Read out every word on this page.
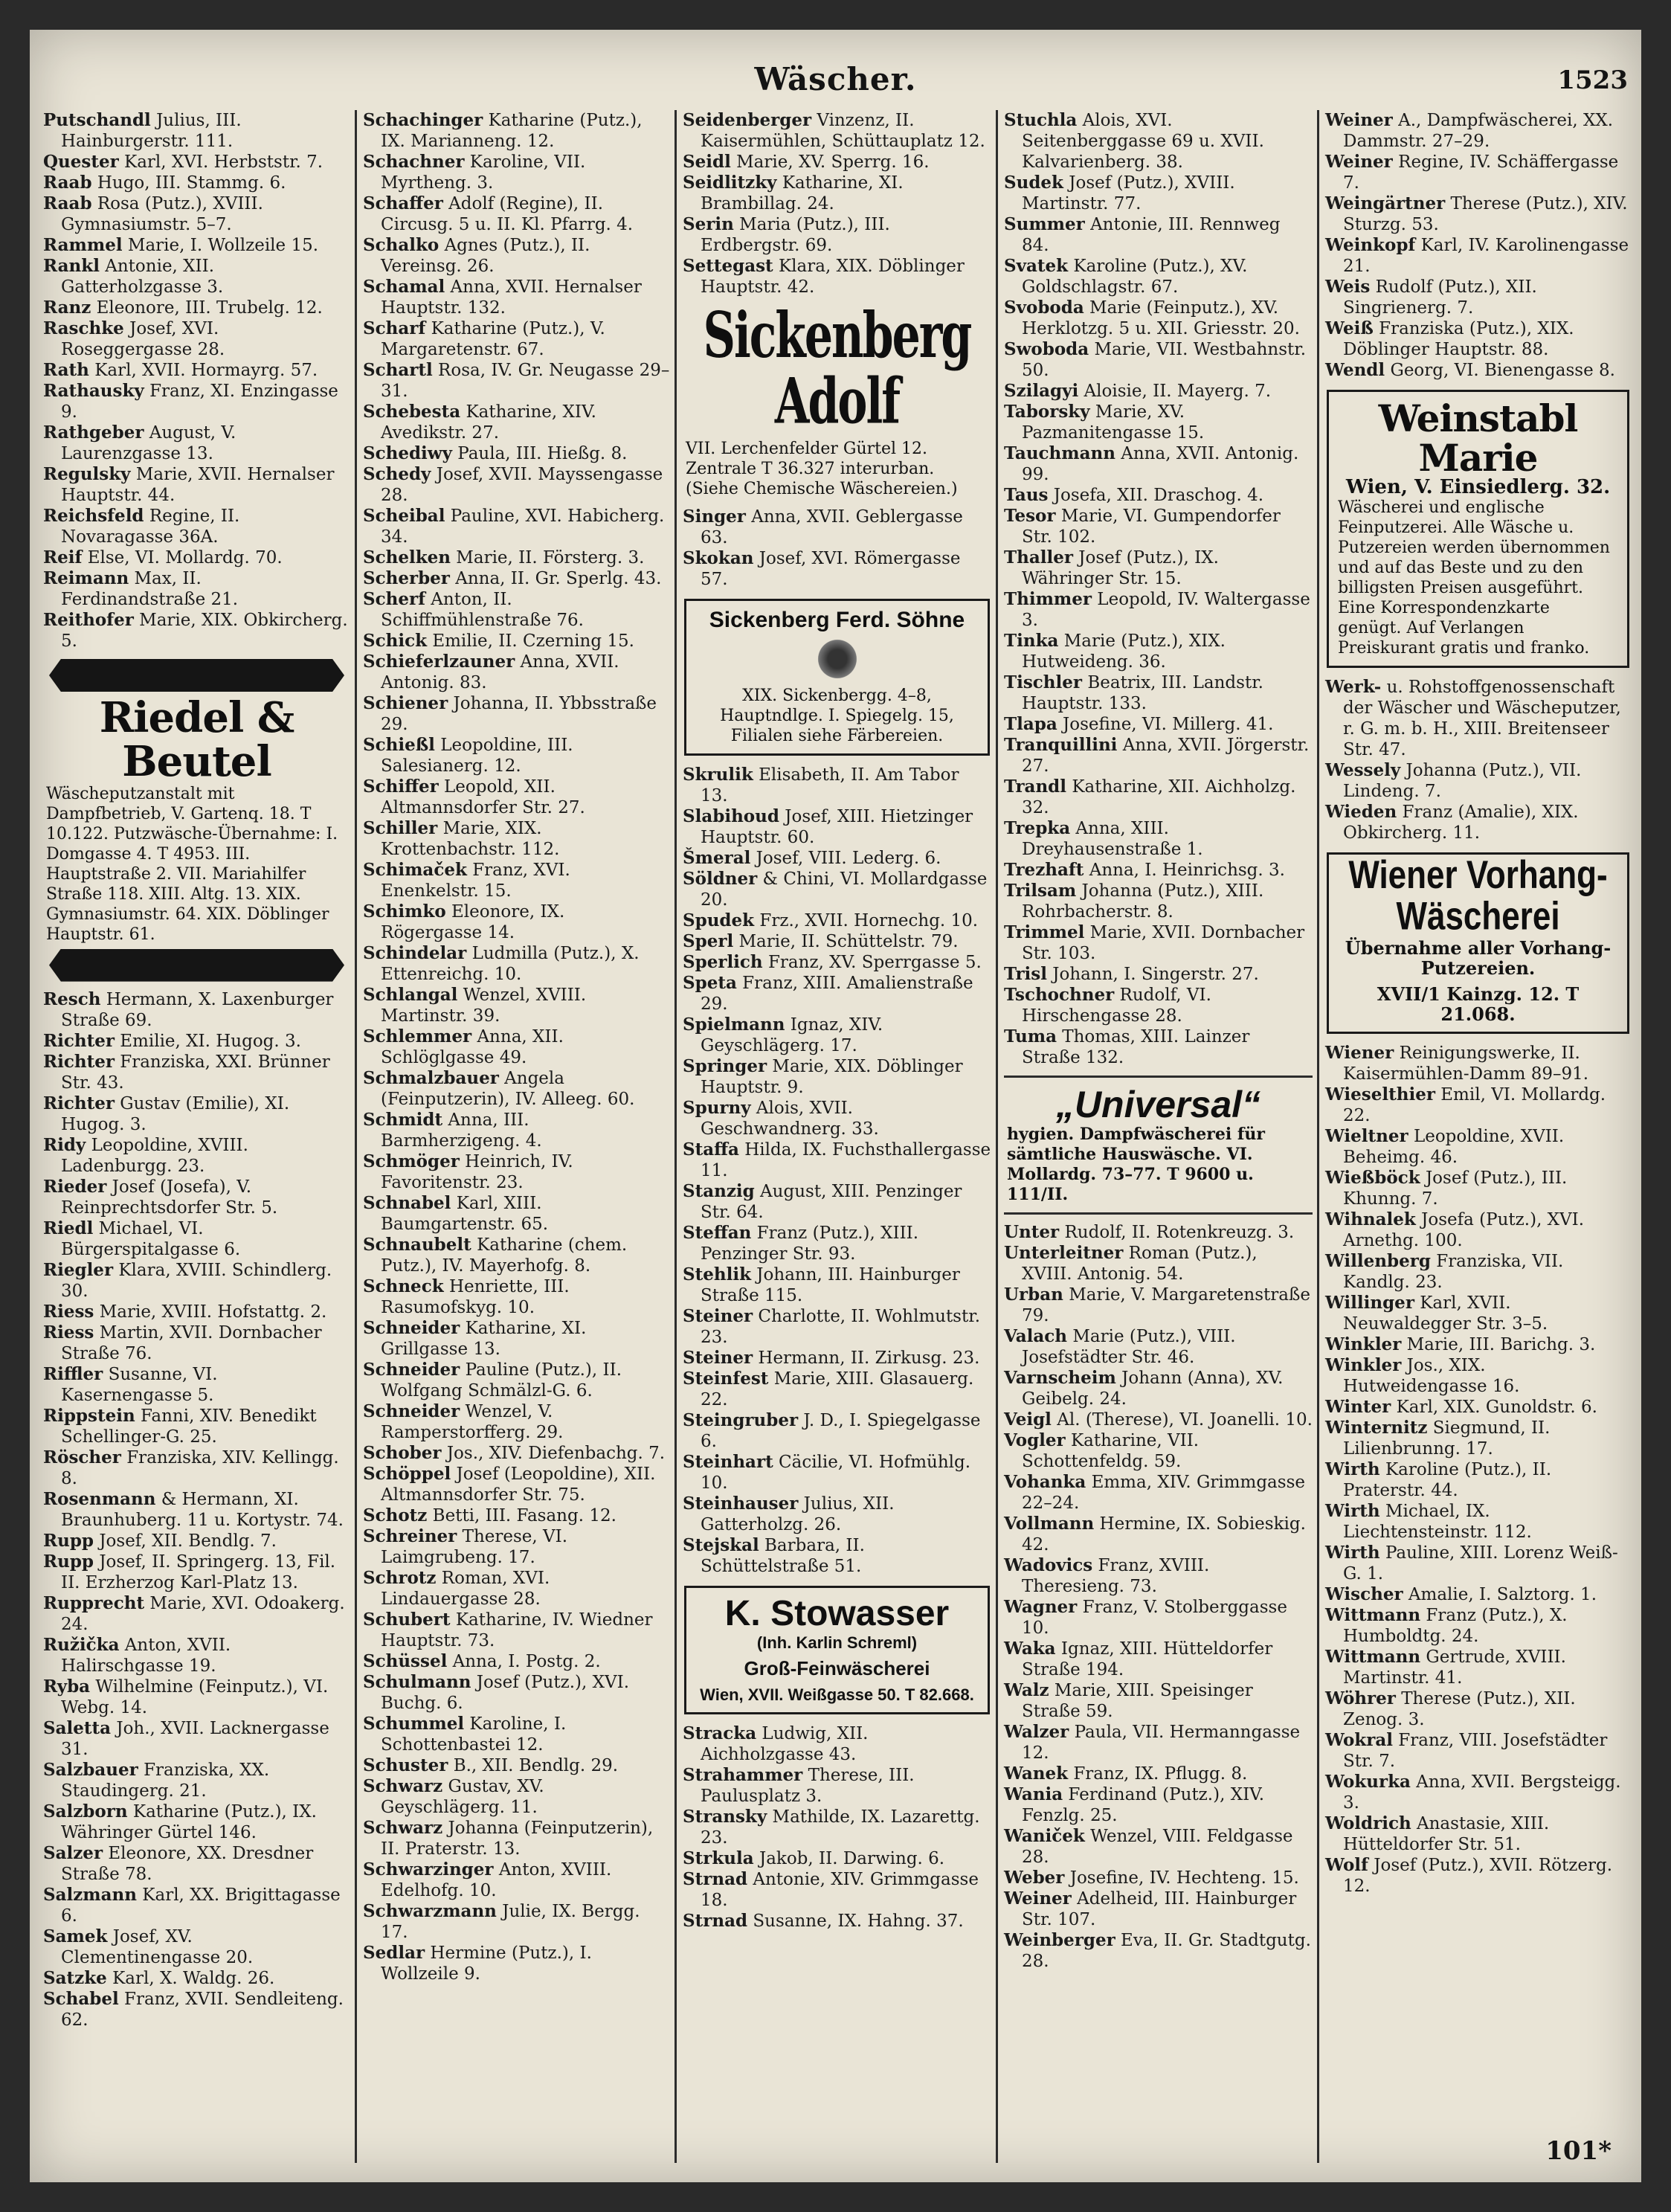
Wäscher.	1523

Putschandl Julius, III. Hainburgerstr. 111.

Quester Karl, XVI. Herbststr. 7.

Raab Hugo, III. Stammg. 6.

Raab Rosa (Putz.), XVIII. Gymnasiumstr. 5–7.

Rammel Marie, I. Wollzeile 15.

Rankl Antonie, XII. Gatterholzgasse 3.

Ranz Eleonore, III. Trubelg. 12.

Raschke Josef, XVI. Roseggergasse 28.

Rath Karl, XVII. Hormayrg. 57.

Rathausky Franz, XI. Enzingasse 9.

Rathgeber August, V. Laurenzgasse 13.

Regulsky Marie, XVII. Hernalser Hauptstr. 44.

Reichsfeld Regine, II. Novaragasse 36A.

Reif Else, VI. Mollardg. 70.

Reimann Max, II. Ferdinandstraße 21.

Reithofer Marie, XIX. Obkircherg. 5.

Riedel & Beutel
Wäscheputzanstalt mit Dampfbetrieb, V. Gartenq. 18. T 10.122. Putzwäsche-Übernahme: I. Domgasse 4. T 4953. III. Hauptstraße 2. VII. Mariahilfer Straße 118. XIII. Altg. 13. XIX. Gymnasiumstr. 64. XIX. Döblinger Hauptstr. 61.

Resch Hermann, X. Laxenburger Straße 69.

Richter Emilie, XI. Hugog. 3.

Richter Franziska, XXI. Brünner Str. 43.

Richter Gustav (Emilie), XI. Hugog. 3.

Ridy Leopoldine, XVIII. Ladenburgg. 23.

Rieder Josef (Josefa), V. Reinprechtsdorfer Str. 5.

Riedl Michael, VI. Bürgerspitalgasse 6.

Riegler Klara, XVIII. Schindlerg. 30.

Riess Marie, XVIII. Hofstattg. 2.

Riess Martin, XVII. Dornbacher Straße 76.

Riffler Susanne, VI. Kasernengasse 5.

Rippstein Fanni, XIV. Benedikt Schellinger-G. 25.

Röscher Franziska, XIV. Kellingg. 8.

Rosenmann & Hermann, XI. Braunhuberg. 11 u. Kortystr. 74.

Rupp Josef, XII. Bendlg. 7.

Rupp Josef, II. Springerg. 13, Fil. II. Erzherzog Karl-Platz 13.

Rupprecht Marie, XVI. Odoakerg. 24.

Ružička Anton, XVII. Halirschgasse 19.

Ryba Wilhelmine (Feinputz.), VI. Webg. 14.

Saletta Joh., XVII. Lacknergasse 31.

Salzbauer Franziska, XX. Staudingerg. 21.

Salzborn Katharine (Putz.), IX. Währinger Gürtel 146.

Salzer Eleonore, XX. Dresdner Straße 78.

Salzmann Karl, XX. Brigittagasse 6.

Samek Josef, XV. Clementinengasse 20.

Satzke Karl, X. Waldg. 26.

Schabel Franz, XVII. Sendleiteng. 62.

Schachinger Katharine (Putz.), IX. Marianneng. 12.

Schachner Karoline, VII. Myrtheng. 3.

Schaffer Adolf (Regine), II. Circusg. 5 u. II. Kl. Pfarrg. 4.

Schalko Agnes (Putz.), II. Vereinsg. 26.

Schamal Anna, XVII. Hernalser Hauptstr. 132.

Scharf Katharine (Putz.), V. Margaretenstr. 67.

Schartl Rosa, IV. Gr. Neugasse 29–31.

Schebesta Katharine, XIV. Avedikstr. 27.

Schediwy Paula, III. Hießg. 8.

Schedy Josef, XVII. Mayssengasse 28.

Scheibal Pauline, XVI. Habicherg. 34.

Schelken Marie, II. Försterg. 3.

Scherber Anna, II. Gr. Sperlg. 43.

Scherf Anton, II. Schiffmühlenstraße 76.

Schick Emilie, II. Czerning 15.

Schieferlzauner Anna, XVII. Antonig. 83.

Schiener Johanna, II. Ybbsstraße 29.

Schießl Leopoldine, III. Salesianerg. 12.

Schiffer Leopold, XII. Altmannsdorfer Str. 27.

Schiller Marie, XIX. Krottenbachstr. 112.

Schimaček Franz, XVI. Enenkelstr. 15.

Schimko Eleonore, IX. Rögergasse 14.

Schindelar Ludmilla (Putz.), X. Ettenreichg. 10.

Schlangal Wenzel, XVIII. Martinstr. 39.

Schlemmer Anna, XII. Schlöglgasse 49.

Schmalzbauer Angela (Feinputzerin), IV. Alleeg. 60.

Schmidt Anna, III. Barmherzigeng. 4.

Schmöger Heinrich, IV. Favoritenstr. 23.

Schnabel Karl, XIII. Baumgartenstr. 65.

Schnaubelt Katharine (chem. Putz.), IV. Mayerhofg. 8.

Schneck Henriette, III. Rasumofskyg. 10.

Schneider Katharine, XI. Grillgasse 13.

Schneider Pauline (Putz.), II. Wolfgang Schmälzl-G. 6.

Schneider Wenzel, V. Ramperstorfferg. 29.

Schober Jos., XIV. Diefenbachg. 7.

Schöppel Josef (Leopoldine), XII. Altmannsdorfer Str. 75.

Schotz Betti, III. Fasang. 12.

Schreiner Therese, VI. Laimgrubeng. 17.

Schrotz Roman, XVI. Lindauergasse 28.

Schubert Katharine, IV. Wiedner Hauptstr. 73.

Schüssel Anna, I. Postg. 2.

Schulmann Josef (Putz.), XVI. Buchg. 6.

Schummel Karoline, I. Schottenbastei 12.

Schuster B., XII. Bendlg. 29.

Schwarz Gustav, XV. Geyschlägerg. 11.

Schwarz Johanna (Feinputzerin), II. Praterstr. 13.

Schwarzinger Anton, XVIII. Edelhofg. 10.

Schwarzmann Julie, IX. Bergg. 17.

Sedlar Hermine (Putz.), I. Wollzeile 9.

Seidenberger Vinzenz, II. Kaisermühlen, Schüttauplatz 12.

Seidl Marie, XV. Sperrg. 16.

Seidlitzky Katharine, XI. Brambillag. 24.

Serin Maria (Putz.), III. Erdbergstr. 69.

Settegast Klara, XIX. Döblinger Hauptstr. 42.

Sickenberg Adolf
VII. Lerchenfelder Gürtel 12. Zentrale T 36.327 interurban. (Siehe Chemische Wäschereien.)

Singer Anna, XVII. Geblergasse 63.

Skokan Josef, XVI. Römergasse 57.

Sickenberg Ferd. Söhne
XIX. Sickenbergg. 4–8, Hauptndlge. I. Spiegelg. 15, Filialen siehe Färbereien.

Skrulik Elisabeth, II. Am Tabor 13.

Slabihoud Josef, XIII. Hietzinger Hauptstr. 60.

Šmeral Josef, VIII. Lederg. 6.

Söldner & Chini, VI. Mollardgasse 20.

Spudek Frz., XVII. Hornechg. 10.

Sperl Marie, II. Schüttelstr. 79.

Sperlich Franz, XV. Sperrgasse 5.

Speta Franz, XIII. Amalienstraße 29.

Spielmann Ignaz, XIV. Geyschlägerg. 17.

Springer Marie, XIX. Döblinger Hauptstr. 9.

Spurny Alois, XVII. Geschwandnerg. 33.

Staffa Hilda, IX. Fuchsthallergasse 11.

Stanzig August, XIII. Penzinger Str. 64.

Steffan Franz (Putz.), XIII. Penzinger Str. 93.

Stehlik Johann, III. Hainburger Straße 115.

Steiner Charlotte, II. Wohlmutstr. 23.

Steiner Hermann, II. Zirkusg. 23.

Steinfest Marie, XIII. Glasauerg. 22.

Steingruber J. D., I. Spiegelgasse 6.

Steinhart Cäcilie, VI. Hofmühlg. 10.

Steinhauser Julius, XII. Gatterholzg. 26.

Stejskal Barbara, II. Schüttelstraße 51.

K. Stowasser
(Inh. Karlin Schreml)
Groß-Feinwäscherei
Wien, XVII. Weißgasse 50. T 82.668.

Stracka Ludwig, XII. Aichholzgasse 43.

Strahammer Therese, III. Paulusplatz 3.

Stransky Mathilde, IX. Lazarettg. 23.

Strkula Jakob, II. Darwing. 6.

Strnad Antonie, XIV. Grimmgasse 18.

Strnad Susanne, IX. Hahng. 37.

Stuchla Alois, XVI. Seitenberggasse 69 u. XVII. Kalvarienberg. 38.

Sudek Josef (Putz.), XVIII. Martinstr. 77.

Summer Antonie, III. Rennweg 84.

Svatek Karoline (Putz.), XV. Goldschlagstr. 67.

Svoboda Marie (Feinputz.), XV. Herklotzg. 5 u. XII. Griesstr. 20.

Swoboda Marie, VII. Westbahnstr. 50.

Szilagyi Aloisie, II. Mayerg. 7.

Taborsky Marie, XV. Pazmanitengasse 15.

Tauchmann Anna, XVII. Antonig. 99.

Taus Josefa, XII. Draschog. 4.

Tesor Marie, VI. Gumpendorfer Str. 102.

Thaller Josef (Putz.), IX. Währinger Str. 15.

Thimmer Leopold, IV. Waltergasse 3.

Tinka Marie (Putz.), XIX. Hutweideng. 36.

Tischler Beatrix, III. Landstr. Hauptstr. 133.

Tlapa Josefine, VI. Millerg. 41.

Tranquillini Anna, XVII. Jörgerstr. 27.

Trandl Katharine, XII. Aichholzg. 32.

Trepka Anna, XIII. Dreyhausenstraße 1.

Trezhaft Anna, I. Heinrichsg. 3.

Trilsam Johanna (Putz.), XIII. Rohrbacherstr. 8.

Trimmel Marie, XVII. Dornbacher Str. 103.

Trisl Johann, I. Singerstr. 27.

Tschochner Rudolf, VI. Hirschengasse 28.

Tuma Thomas, XIII. Lainzer Straße 132.

„Universal“
hygien. Dampfwäscherei für sämtliche Hauswäsche. VI. Mollardg. 73–77. T 9600 u. 111/II.

Unter Rudolf, II. Rotenkreuzg. 3.

Unterleitner Roman (Putz.), XVIII. Antonig. 54.

Urban Marie, V. Margaretenstraße 79.

Valach Marie (Putz.), VIII. Josefstädter Str. 46.

Varnscheim Johann (Anna), XV. Geibelg. 24.

Veigl Al. (Therese), VI. Joanelli. 10.

Vogler Katharine, VII. Schottenfeldg. 59.

Vohanka Emma, XIV. Grimmgasse 22–24.

Vollmann Hermine, IX. Sobieskig. 42.

Wadovics Franz, XVIII. Theresieng. 73.

Wagner Franz, V. Stolberggasse 10.

Waka Ignaz, XIII. Hütteldorfer Straße 194.

Walz Marie, XIII. Speisinger Straße 59.

Walzer Paula, VII. Hermanngasse 12.

Wanek Franz, IX. Pflugg. 8.

Wania Ferdinand (Putz.), XIV. Fenzlg. 25.

Waniček Wenzel, VIII. Feldgasse 28.

Weber Josefine, IV. Hechteng. 15.

Weiner Adelheid, III. Hainburger Str. 107.

Weinberger Eva, II. Gr. Stadtgutg. 28.

Weiner A., Dampfwäscherei, XX. Dammstr. 27–29.

Weiner Regine, IV. Schäffergasse 7.

Weingärtner Therese (Putz.), XIV. Sturzg. 53.

Weinkopf Karl, IV. Karolinengasse 21.

Weis Rudolf (Putz.), XII. Singrienerg. 7.

Weiß Franziska (Putz.), XIX. Döblinger Hauptstr. 88.

Wendl Georg, VI. Bienengasse 8.

Weinstabl Marie
Wien, V. Einsiedlerg. 32.
Wäscherei und englische Feinputzerei. Alle Wäsche u. Putzereien werden übernommen und auf das Beste und zu den billigsten Preisen ausgeführt. Eine Korrespondenzkarte genügt. Auf Verlangen Preiskurant gratis und franko.

Werk- u. Rohstoffgenossenschaft der Wäscher und Wäscheputzer, r. G. m. b. H., XIII. Breitenseer Str. 47.

Wessely Johanna (Putz.), VII. Lindeng. 7.

Wieden Franz (Amalie), XIX. Obkircherg. 11.

Wiener Vorhang-Wäscherei
Übernahme aller Vorhang-Putzereien.
XVII/1 Kainzg. 12. T 21.068.

Wiener Reinigungswerke, II. Kaisermühlen-Damm 89–91.

Wieselthier Emil, VI. Mollardg. 22.

Wieltner Leopoldine, XVII. Beheimg. 46.

Wießböck Josef (Putz.), III. Khunng. 7.

Wihnalek Josefa (Putz.), XVI. Arnethg. 100.

Willenberg Franziska, VII. Kandlg. 23.

Willinger Karl, XVII. Neuwaldegger Str. 3–5.

Winkler Marie, III. Barichg. 3.

Winkler Jos., XIX. Hutweidengasse 16.

Winter Karl, XIX. Gunoldstr. 6.

Winternitz Siegmund, II. Lilienbrunng. 17.

Wirth Karoline (Putz.), II. Praterstr. 44.

Wirth Michael, IX. Liechtensteinstr. 112.

Wirth Pauline, XIII. Lorenz Weiß-G. 1.

Wischer Amalie, I. Salztorg. 1.

Wittmann Franz (Putz.), X. Humboldtg. 24.

Wittmann Gertrude, XVIII. Martinstr. 41.

Wöhrer Therese (Putz.), XII. Zenog. 3.

Wokral Franz, VIII. Josefstädter Str. 7.

Wokurka Anna, XVII. Bergsteigg. 3.

Woldrich Anastasie, XIII. Hütteldorfer Str. 51.

Wolf Josef (Putz.), XVII. Rötzerg. 12.

101*
